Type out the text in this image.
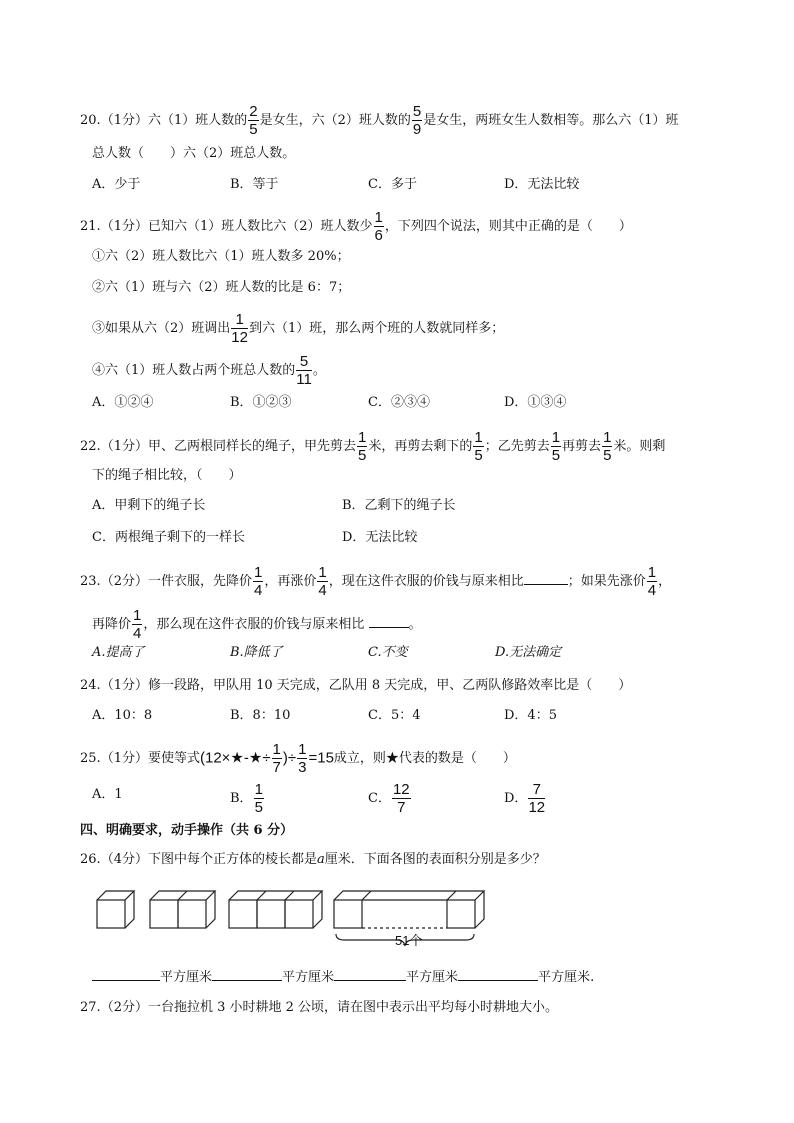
20.（1分）六（1）班人数的 $\frac{2}{5}$ 是女生，六（2）班人数的 $\frac{5}{9}$ 是女生，两班女生人数相等。那么六（1）班
总人数（　　）六（2）班总人数。
A．少于	B．等于	C．多于	D．无法比较
21.（1分）已知六（1）班人数比六（2）班人数少 $\frac{1}{6}$ ，下列四个说法，则其中正确的是（　　）
①六（2）班人数比六（1）班人数多 20%；
②六（1）班与六（2）班人数的比是 6：7；
③如果从六（2）班调出 $\frac{1}{12}$ 到六（1）班，那么两个班的人数就同样多；
④六（1）班人数占两个班总人数的 $\frac{5}{11}$ 。
A．①②④	B．①②③	C．②③④	D．①③④
22.（1分）甲、乙两根同样长的绳子，甲先剪去 $\frac{1}{5}$ 米，再剪去剩下的 $\frac{1}{5}$ ；乙先剪去 $\frac{1}{5}$ 再剪去 $\frac{1}{5}$ 米。则剩
下的绳子相比较，（　　）
A．甲剩下的绳子长	B．乙剩下的绳子长
C．两根绳子剩下的一样长	D．无法比较
23.（2分）一件衣服，先降价 $\frac{1}{4}$ ，再涨价 $\frac{1}{4}$ ，现在这件衣服的价钱与原来相比	；如果先涨价 $\frac{1}{4}$ ，
再降价 $\frac{1}{4}$ ，那么现在这件衣服的价钱与原来相比	。
A.提高了	B.降低了	C.不变	D.无法确定
24.（1分）修一段路，甲队用 10 天完成，乙队用 8 天完成，甲、乙两队修路效率比是（　　）
A．10：8	B．8：10	C．5：4	D．4：5
25.（1分）要使等式(12×★-★÷ $\frac{1}{7}$ )÷ $\frac{1}{3} =15$成立，则★代表的数是（　　）
A．1	B． $\frac{1}{5}$	C． $\frac{12}{7}$	D． $\frac{7}{12}$
四、明确要求，动手操作（共 6 分）
26.（4分）下图中每个正方体的棱长都是a厘米．下面各图的表面积分别是多少？
51个
平方厘米	平方厘米	平方厘米	平方厘米.
27.（2分）一台拖拉机 3 小时耕地 2 公顷，请在图中表示出平均每小时耕地大小。
